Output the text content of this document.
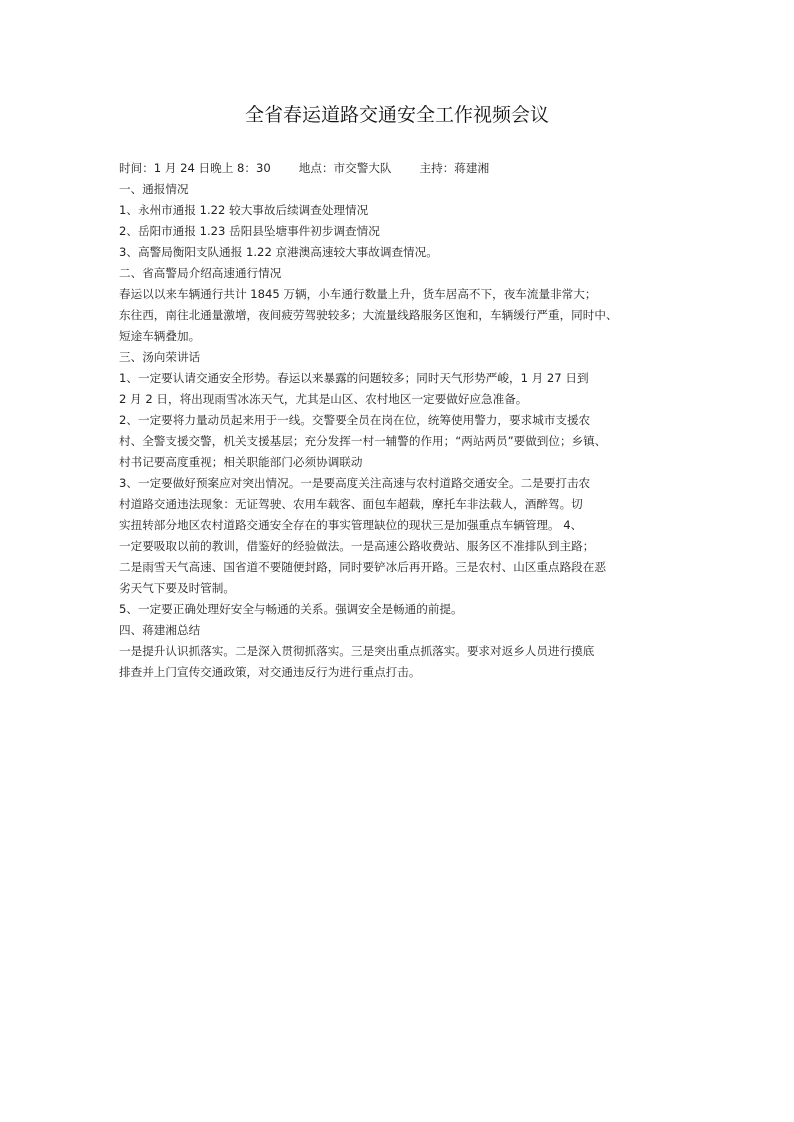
全省春运道路交通安全工作视频会议
时间：1 月 24 日晚上 8：30 地点：市交警大队 主持：蒋建湘
一、通报情况
1、永州市通报 1.22 较大事故后续调查处理情况
2、岳阳市通报 1.23 岳阳县坠塘事件初步调查情况
3、高警局衡阳支队通报 1.22 京港澳高速较大事故调查情况。
二、省高警局介绍高速通行情况
春运以以来车辆通行共计 1845 万辆，小车通行数量上升，货车居高不下，夜车流量非常大；
东往西，南往北通量激增，夜间疲劳驾驶较多；大流量线路服务区饱和，车辆缓行严重，同时中、
短途车辆叠加。
三、汤向荣讲话
1、一定要认请交通安全形势。春运以来暴露的问题较多；同时天气形势严峻，1 月 27 日到
2 月 2 日，将出现雨雪冰冻天气，尤其是山区、农村地区一定要做好应急准备。
2、一定要将力量动员起来用于一线。交警要全员在岗在位，统筹使用警力，要求城市支援农
村、全警支援交警，机关支援基层；充分发挥一村一辅警的作用；“两站两员”要做到位；乡镇、
村书记要高度重视；相关职能部门必须协调联动
3、一定要做好预案应对突出情况。一是要高度关注高速与农村道路交通安全。二是要打击农
村道路交通违法现象：无证驾驶、农用车载客、面包车超载，摩托车非法载人，酒醉驾。切
实扭转部分地区农村道路交通安全存在的事实管理缺位的现状三是加强重点车辆管理。 4、
一定要吸取以前的教训，借鉴好的经验做法。一是高速公路收费站、服务区不准排队到主路；
二是雨雪天气高速、国省道不要随便封路，同时要铲冰后再开路。三是农村、山区重点路段在恶
劣天气下要及时管制。
5、一定要正确处理好安全与畅通的关系。强调安全是畅通的前提。
四、蒋建湘总结
一是提升认识抓落实。二是深入贯彻抓落实。三是突出重点抓落实。要求对返乡人员进行摸底
排查并上门宣传交通政策，对交通违反行为进行重点打击。
